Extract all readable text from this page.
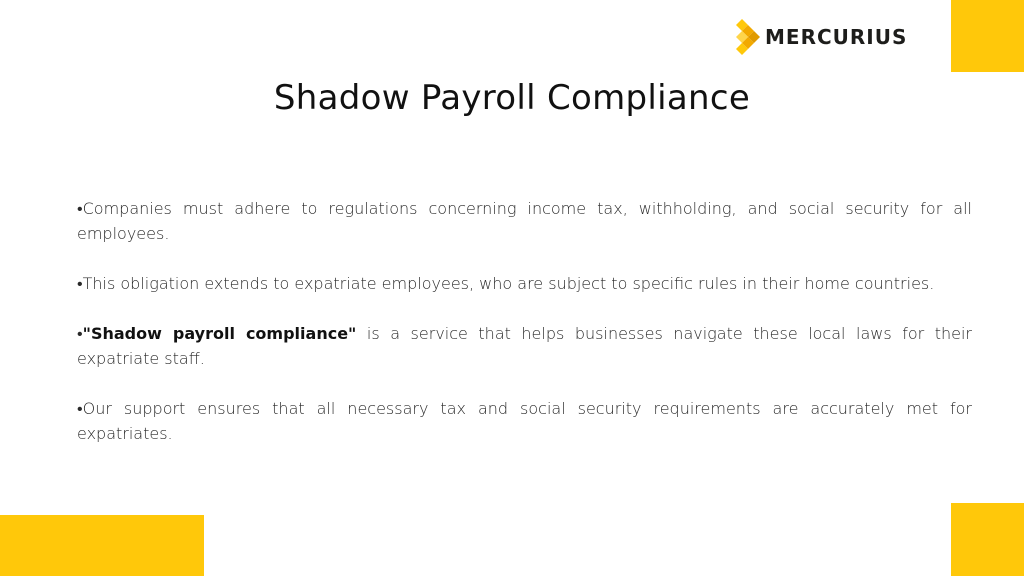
MERCURIUS
Shadow Payroll Compliance

•Companies must adhere to regulations concerning income tax, withholding, and social security for all employees.

•This obligation extends to expatriate employees, who are subject to specific rules in their home countries.

•"Shadow payroll compliance" is a service that helps businesses navigate these local laws for their expatriate staff.

•Our support ensures that all necessary tax and social security requirements are accurately met for expatriates.
